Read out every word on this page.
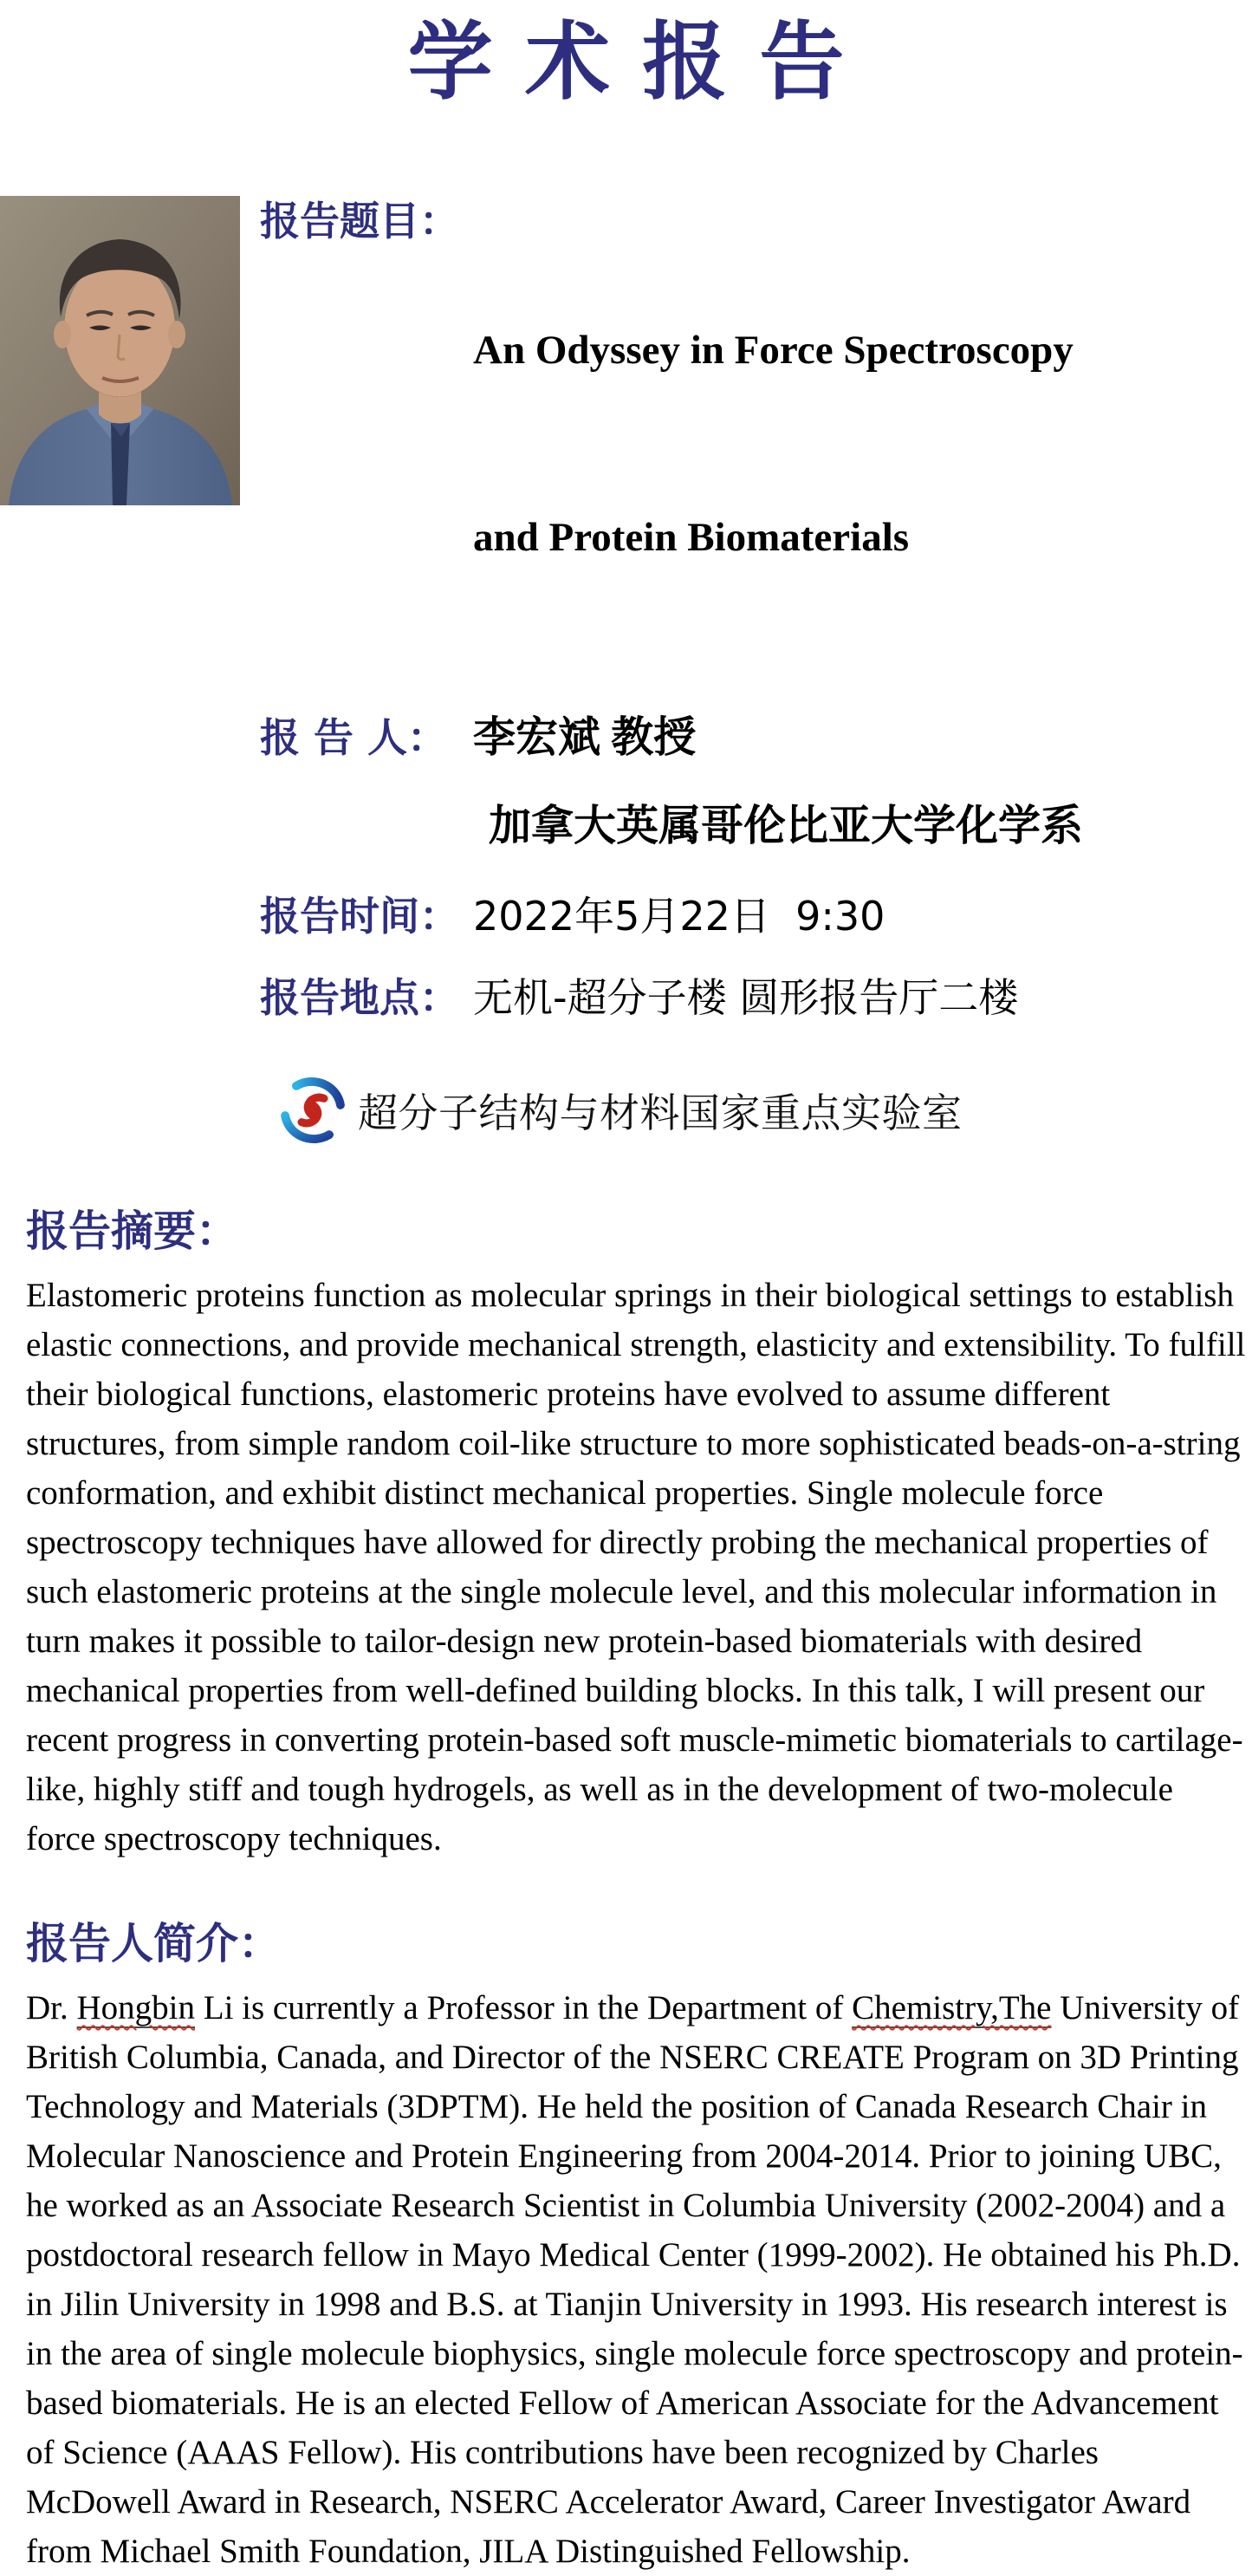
学术报告
报告题目：

An Odyssey in Force Spectroscopy

and Protein Biomaterials

报 告 人： 李宏斌 教授
加拿大英属哥伦比亚大学化学系
报告时间： 2022年5月22日  9:30
报告地点： 无机-超分子楼 圆形报告厅二楼
超分子结构与材料国家重点实验室
报告摘要：

Elastomeric proteins function as molecular springs in their biological settings to establish elastic connections, and provide mechanical strength, elasticity and extensibility. To fulfill their biological functions, elastomeric proteins have evolved to assume different structures, from simple random coil-like structure to more sophisticated beads-on-a-string conformation, and exhibit distinct mechanical properties. Single molecule force spectroscopy techniques have allowed for directly probing the mechanical properties of such elastomeric proteins at the single molecule level, and this molecular information in turn makes it possible to tailor-design new protein-based biomaterials with desired mechanical properties from well-defined building blocks. In this talk, I will present our recent progress in converting protein-based soft muscle-mimetic biomaterials to cartilage-like, highly stiff and tough hydrogels, as well as in the development of two-molecule force spectroscopy techniques.

报告人简介：

Dr. Hongbin Li is currently a Professor in the Department of Chemistry,The University of British Columbia, Canada, and Director of the NSERC CREATE Program on 3D Printing Technology and Materials (3DPTM). He held the position of Canada Research Chair in Molecular Nanoscience and Protein Engineering from 2004-2014. Prior to joining UBC, he worked as an Associate Research Scientist in Columbia University (2002-2004) and a postdoctoral research fellow in Mayo Medical Center (1999-2002). He obtained his Ph.D. in Jilin University in 1998 and B.S. at Tianjin University in 1993. His research interest is in the area of single molecule biophysics, single molecule force spectroscopy and protein-based biomaterials. He is an elected Fellow of American Associate for the Advancement of Science (AAAS Fellow). His contributions have been recognized by Charles McDowell Award in Research, NSERC Accelerator Award, Career Investigator Award from Michael Smith Foundation, JILA Distinguished Fellowship.
